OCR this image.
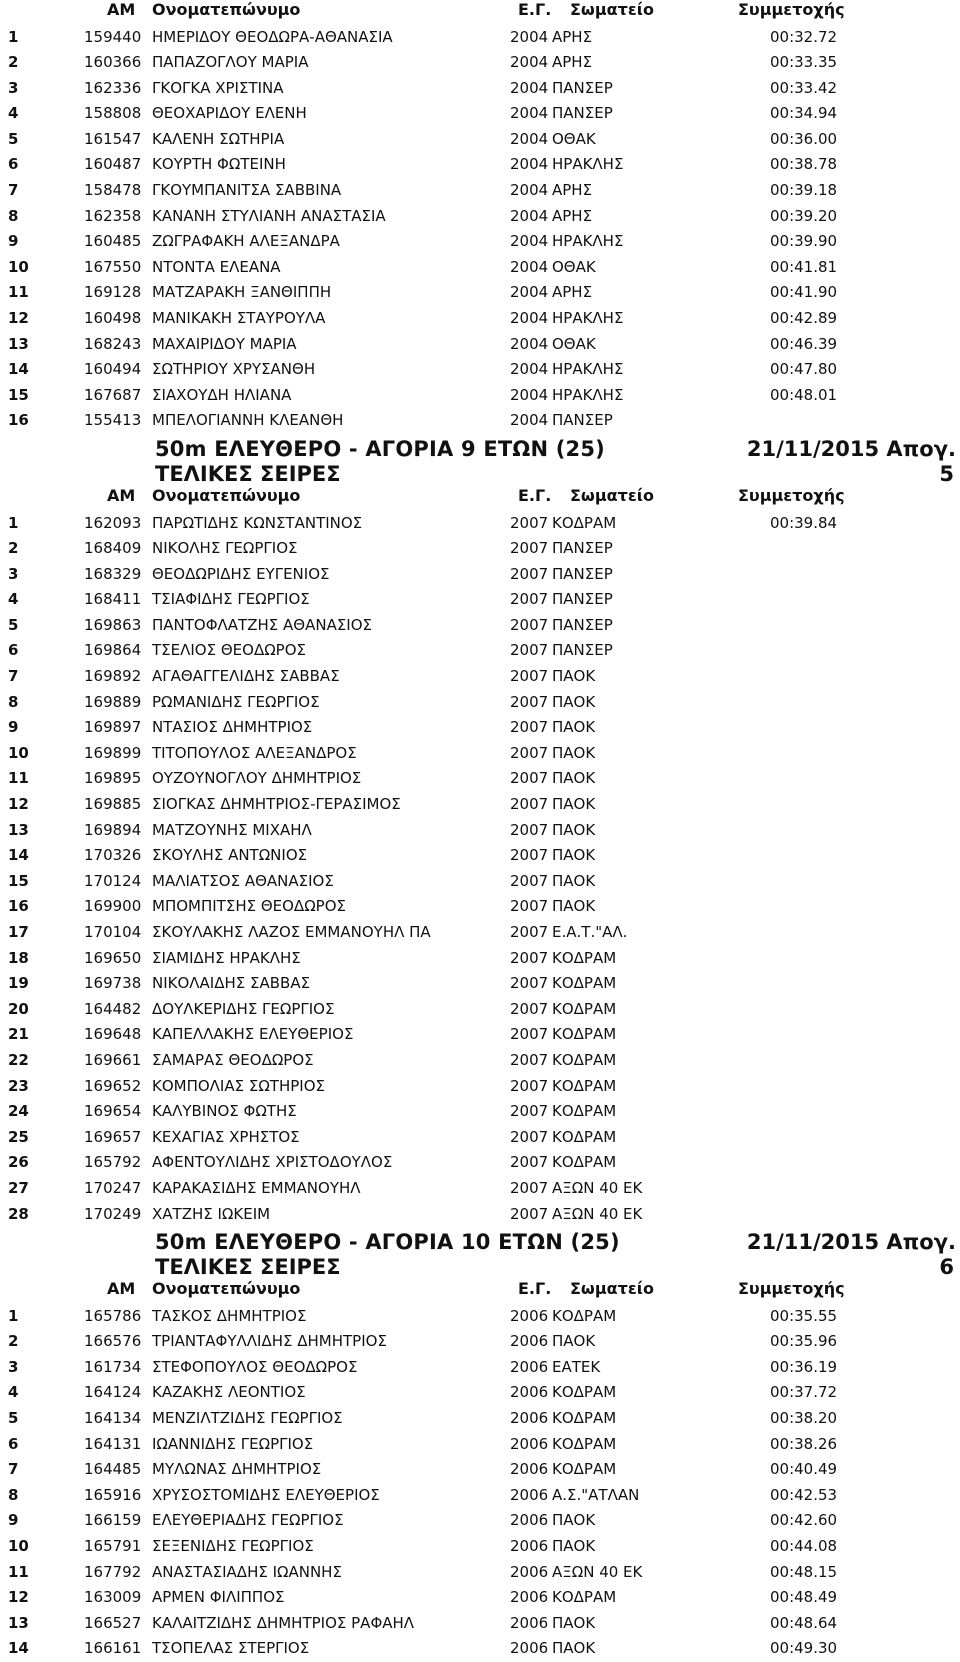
ΑΜ Ονοματεπώνυμο	Ε.Γ. Σωματείο	Συμμετοχής
1	159440 ΗΜΕΡΙΔΟΥ ΘΕΟΔΩΡΑ-ΑΘΑΝΑΣΙΑ	2004 ΑΡΗΣ	00:32.72
2	160366 ΠΑΠΑΖΟΓΛΟΥ ΜΑΡΙΑ	2004 ΑΡΗΣ	00:33.35
3	162336 ΓΚΟΓΚΑ ΧΡΙΣΤΙΝΑ	2004 ΠΑΝΣΕΡ	00:33.42
4	158808 ΘΕΟΧΑΡΙΔΟΥ ΕΛΕΝΗ	2004 ΠΑΝΣΕΡ	00:34.94
5	161547 ΚΑΛΕΝΗ ΣΩΤΗΡΙΑ	2004 ΟΘΑΚ	00:36.00
6	160487 ΚΟΥΡΤΗ ΦΩΤΕΙΝΗ	2004 ΗΡΑΚΛΗΣ	00:38.78
7	158478 ΓΚΟΥΜΠΑΝΙΤΣΑ ΣΑΒΒΙΝΑ	2004 ΑΡΗΣ	00:39.18
8	162358 ΚΑΝΑΝΗ ΣΤΥΛΙΑΝΗ ΑΝΑΣΤΑΣΙΑ	2004 ΑΡΗΣ	00:39.20
9	160485 ΖΩΓΡΑΦΑΚΗ ΑΛΕΞΑΝΔΡΑ	2004 ΗΡΑΚΛΗΣ	00:39.90
10	167550 ΝΤΟΝΤΑ ΕΛΕΑΝΑ	2004 ΟΘΑΚ	00:41.81
11	169128 ΜΑΤΖΑΡΑΚΗ ΞΑΝΘΙΠΠΗ	2004 ΑΡΗΣ	00:41.90
12	160498 ΜΑΝΙΚΑΚΗ ΣΤΑΥΡΟΥΛΑ	2004 ΗΡΑΚΛΗΣ	00:42.89
13	168243 ΜΑΧΑΙΡΙΔΟΥ ΜΑΡΙΑ	2004 ΟΘΑΚ	00:46.39
14	160494 ΣΩΤΗΡΙΟΥ ΧΡΥΣΑΝΘΗ	2004 ΗΡΑΚΛΗΣ	00:47.80
15	167687 ΣΙΑΧΟΥΔΗ ΗΛΙΑΝΑ	2004 ΗΡΑΚΛΗΣ	00:48.01
16	155413 ΜΠΕΛΟΓΙΑΝΝΗ ΚΛΕΑΝΘΗ	2004 ΠΑΝΣΕΡ
50m ΕΛΕΥΘΕΡΟ - ΑΓΟΡΙΑ 9 ΕΤΩΝ (25)	21/11/2015 Απογ.
ΤΕΛΙΚΕΣ ΣΕΙΡΕΣ	5
ΑΜ Ονοματεπώνυμο	Ε.Γ. Σωματείο	Συμμετοχής
1	162093 ΠΑΡΩΤΙΔΗΣ ΚΩΝΣΤΑΝΤΙΝΟΣ	2007 ΚΟΔΡΑΜ	00:39.84
2	168409 ΝΙΚΟΛΗΣ ΓΕΩΡΓΙΟΣ	2007 ΠΑΝΣΕΡ
3	168329 ΘΕΟΔΩΡΙΔΗΣ ΕΥΓΕΝΙΟΣ	2007 ΠΑΝΣΕΡ
4	168411 ΤΣΙΑΦΙΔΗΣ ΓΕΩΡΓΙΟΣ	2007 ΠΑΝΣΕΡ
5	169863 ΠΑΝΤΟΦΛΑΤΖΗΣ ΑΘΑΝΑΣΙΟΣ	2007 ΠΑΝΣΕΡ
6	169864 ΤΣΕΛΙΟΣ ΘΕΟΔΩΡΟΣ	2007 ΠΑΝΣΕΡ
7	169892 ΑΓΑΘΑΓΓΕΛΙΔΗΣ ΣΑΒΒΑΣ	2007 ΠΑΟΚ
8	169889 ΡΩΜΑΝΙΔΗΣ ΓΕΩΡΓΙΟΣ	2007 ΠΑΟΚ
9	169897 ΝΤΑΣΙΟΣ ΔΗΜΗΤΡΙΟΣ	2007 ΠΑΟΚ
10	169899 ΤΙΤΟΠΟΥΛΟΣ ΑΛΕΞΑΝΔΡΟΣ	2007 ΠΑΟΚ
11	169895 ΟΥΖΟΥΝΟΓΛΟΥ ΔΗΜΗΤΡΙΟΣ	2007 ΠΑΟΚ
12	169885 ΣΙΟΓΚΑΣ ΔΗΜΗΤΡΙΟΣ-ΓΕΡΑΣΙΜΟΣ	2007 ΠΑΟΚ
13	169894 ΜΑΤΖΟΥΝΗΣ ΜΙΧΑΗΛ	2007 ΠΑΟΚ
14	170326 ΣΚΟΥΛΗΣ ΑΝΤΩΝΙΟΣ	2007 ΠΑΟΚ
15	170124 ΜΑΛΙΑΤΣΟΣ ΑΘΑΝΑΣΙΟΣ	2007 ΠΑΟΚ
16	169900 ΜΠΟΜΠΙΤΣΗΣ ΘΕΟΔΩΡΟΣ	2007 ΠΑΟΚ
17	170104 ΣΚΟΥΛΑΚΗΣ ΛΑΖΟΣ ΕΜΜΑΝΟΥΗΛ ΠΑ	2007 Ε.Α.Τ."ΑΛ.
18	169650 ΣΙΑΜΙΔΗΣ ΗΡΑΚΛΗΣ	2007 ΚΟΔΡΑΜ
19	169738 ΝΙΚΟΛΑΙΔΗΣ ΣΑΒΒΑΣ	2007 ΚΟΔΡΑΜ
20	164482 ΔΟΥΛΚΕΡΙΔΗΣ ΓΕΩΡΓΙΟΣ	2007 ΚΟΔΡΑΜ
21	169648 ΚΑΠΕΛΛΑΚΗΣ ΕΛΕΥΘΕΡΙΟΣ	2007 ΚΟΔΡΑΜ
22	169661 ΣΑΜΑΡΑΣ ΘΕΟΔΩΡΟΣ	2007 ΚΟΔΡΑΜ
23	169652 ΚΟΜΠΟΛΙΑΣ ΣΩΤΗΡΙΟΣ	2007 ΚΟΔΡΑΜ
24	169654 ΚΑΛΥΒΙΝΟΣ ΦΩΤΗΣ	2007 ΚΟΔΡΑΜ
25	169657 ΚΕΧΑΓΙΑΣ ΧΡΗΣΤΟΣ	2007 ΚΟΔΡΑΜ
26	165792 ΑΦΕΝΤΟΥΛΙΔΗΣ ΧΡΙΣΤΟΔΟΥΛΟΣ	2007 ΚΟΔΡΑΜ
27	170247 ΚΑΡΑΚΑΣΙΔΗΣ ΕΜΜΑΝΟΥΗΛ	2007 ΑΞΩΝ 40 ΕΚ
28	170249 ΧΑΤΖΗΣ ΙΩΚΕΙΜ	2007 ΑΞΩΝ 40 ΕΚ
50m ΕΛΕΥΘΕΡΟ - ΑΓΟΡΙΑ 10 ΕΤΩΝ (25)	21/11/2015 Απογ.
ΤΕΛΙΚΕΣ ΣΕΙΡΕΣ	6
ΑΜ Ονοματεπώνυμο	Ε.Γ. Σωματείο	Συμμετοχής
1	165786 ΤΑΣΚΟΣ ΔΗΜΗΤΡΙΟΣ	2006 ΚΟΔΡΑΜ	00:35.55
2	166576 ΤΡΙΑΝΤΑΦΥΛΛΙΔΗΣ ΔΗΜΗΤΡΙΟΣ	2006 ΠΑΟΚ	00:35.96
3	161734 ΣΤΕΦΟΠΟΥΛΟΣ ΘΕΟΔΩΡΟΣ	2006 ΕΑΤΕΚ	00:36.19
4	164124 ΚΑΖΑΚΗΣ ΛΕΟΝΤΙΟΣ	2006 ΚΟΔΡΑΜ	00:37.72
5	164134 ΜΕΝΖΙΛΤΖΙΔΗΣ ΓΕΩΡΓΙΟΣ	2006 ΚΟΔΡΑΜ	00:38.20
6	164131 ΙΩΑΝΝΙΔΗΣ ΓΕΩΡΓΙΟΣ	2006 ΚΟΔΡΑΜ	00:38.26
7	164485 ΜΥΛΩΝΑΣ ΔΗΜΗΤΡΙΟΣ	2006 ΚΟΔΡΑΜ	00:40.49
8	165916 ΧΡΥΣΟΣΤΟΜΙΔΗΣ ΕΛΕΥΘΕΡΙΟΣ	2006 Α.Σ."ΑΤΛΑΝ	00:42.53
9	166159 ΕΛΕΥΘΕΡΙΑΔΗΣ ΓΕΩΡΓΙΟΣ	2006 ΠΑΟΚ	00:42.60
10	165791 ΣΕΞΕΝΙΔΗΣ ΓΕΩΡΓΙΟΣ	2006 ΠΑΟΚ	00:44.08
11	167792 ΑΝΑΣΤΑΣΙΑΔΗΣ ΙΩΑΝΝΗΣ	2006 ΑΞΩΝ 40 ΕΚ	00:48.15
12	163009 ΑΡΜΕΝ ΦΙΛΙΠΠΟΣ	2006 ΚΟΔΡΑΜ	00:48.49
13	166527 ΚΑΛΑΙΤΖΙΔΗΣ ΔΗΜΗΤΡΙΟΣ ΡΑΦΑΗΛ	2006 ΠΑΟΚ	00:48.64
14	166161 ΤΣΟΠΕΛΑΣ ΣΤΕΡΓΙΟΣ	2006 ΠΑΟΚ	00:49.30
